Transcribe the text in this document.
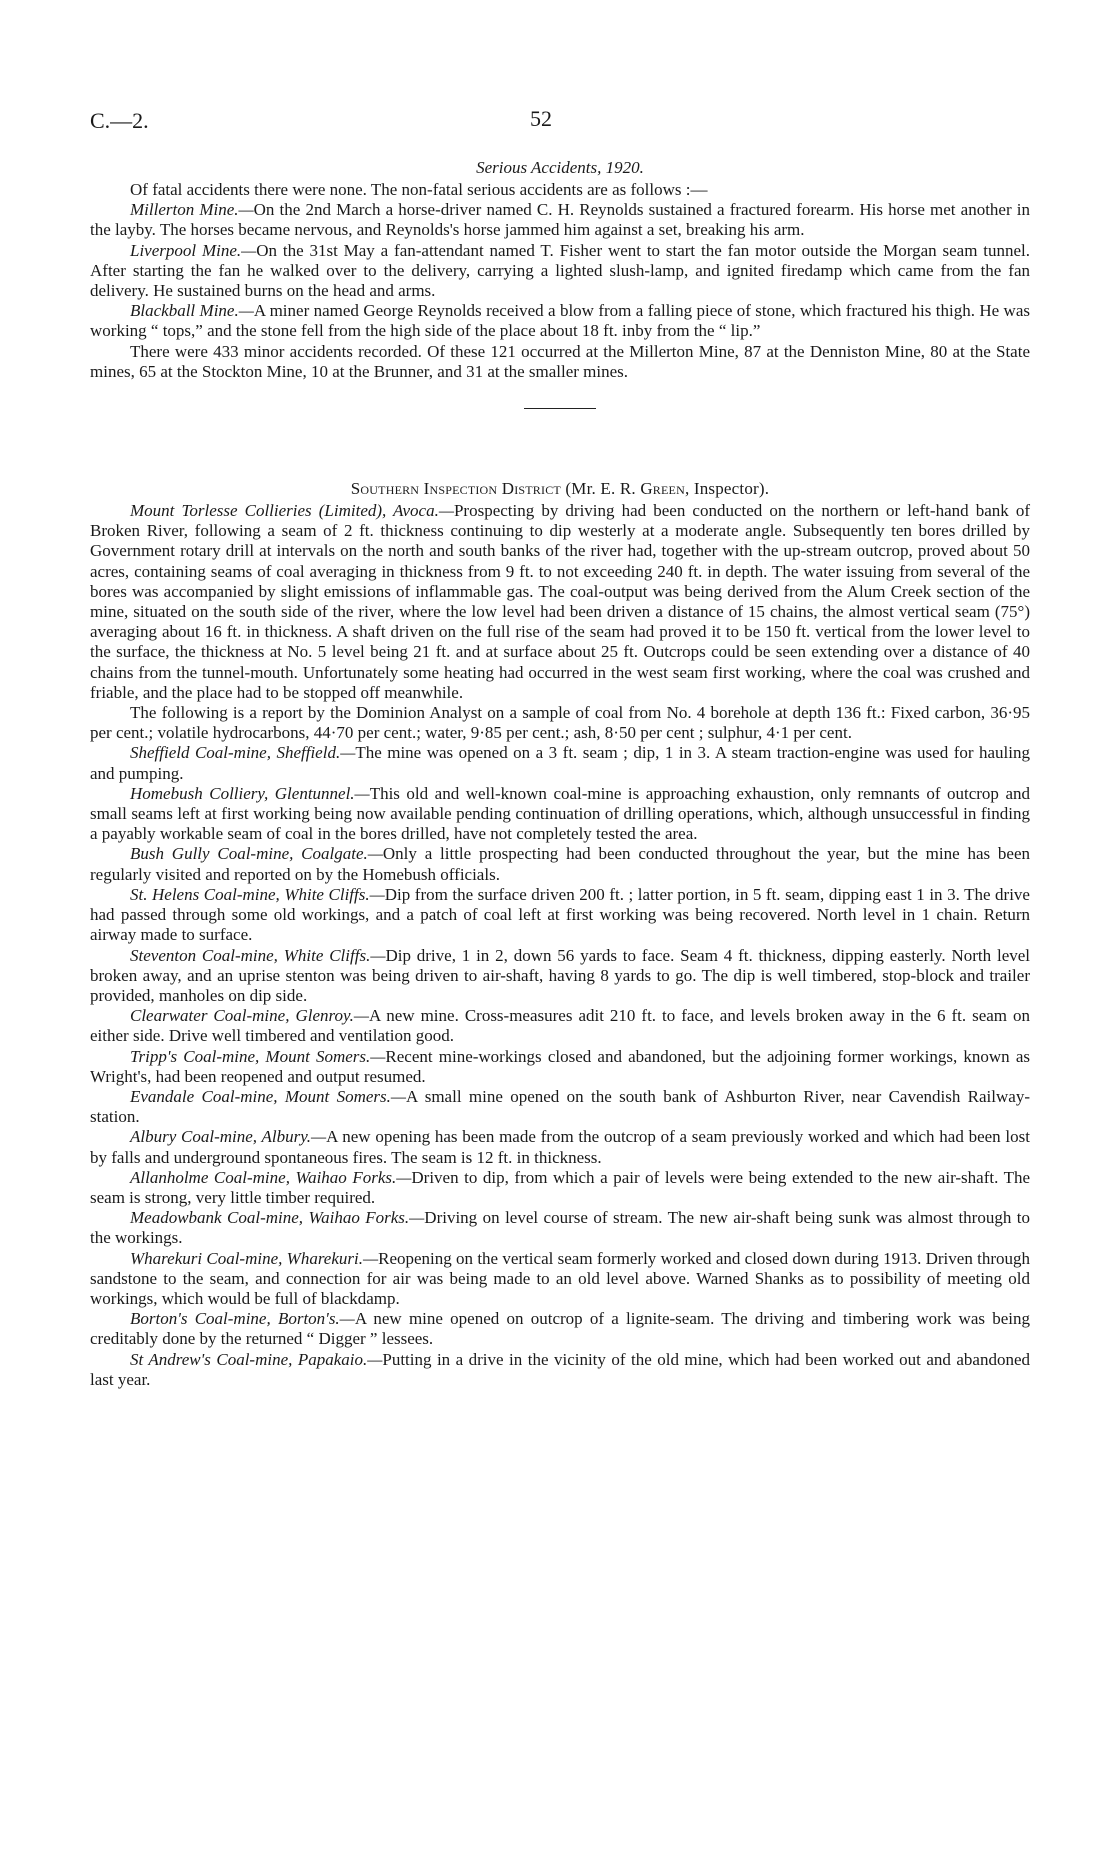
C.—2.	52
Serious Accidents, 1920.

Of fatal accidents there were none. The non-fatal serious accidents are as follows :—

Millerton Mine.—On the 2nd March a horse-driver named C. H. Reynolds sustained a fractured forearm. His horse met another in the layby. The horses became nervous, and Reynolds's horse jammed him against a set, breaking his arm.

Liverpool Mine.—On the 31st May a fan-attendant named T. Fisher went to start the fan motor outside the Morgan seam tunnel. After starting the fan he walked over to the delivery, carrying a lighted slush-lamp, and ignited firedamp which came from the fan delivery. He sustained burns on the head and arms.

Blackball Mine.—A miner named George Reynolds received a blow from a falling piece of stone, which fractured his thigh. He was working “ tops,” and the stone fell from the high side of the place about 18 ft. inby from the “ lip.”

There were 433 minor accidents recorded. Of these 121 occurred at the Millerton Mine, 87 at the Denniston Mine, 80 at the State mines, 65 at the Stockton Mine, 10 at the Brunner, and 31 at the smaller mines.

Southern Inspection District (Mr. E. R. Green, Inspector).

Mount Torlesse Collieries (Limited), Avoca.—Prospecting by driving had been conducted on the northern or left-hand bank of Broken River, following a seam of 2 ft. thickness continuing to dip westerly at a moderate angle. Subsequently ten bores drilled by Government rotary drill at intervals on the north and south banks of the river had, together with the up-stream outcrop, proved about 50 acres, containing seams of coal averaging in thickness from 9 ft. to not exceeding 240 ft. in depth. The water issuing from several of the bores was accompanied by slight emissions of inflammable gas. The coal-output was being derived from the Alum Creek section of the mine, situated on the south side of the river, where the low level had been driven a distance of 15 chains, the almost vertical seam (75°) averaging about 16 ft. in thickness. A shaft driven on the full rise of the seam had proved it to be 150 ft. vertical from the lower level to the surface, the thickness at No. 5 level being 21 ft. and at surface about 25 ft. Outcrops could be seen extending over a distance of 40 chains from the tunnel-mouth. Unfortunately some heating had occurred in the west seam first working, where the coal was crushed and friable, and the place had to be stopped off meanwhile.

The following is a report by the Dominion Analyst on a sample of coal from No. 4 borehole at depth 136 ft.: Fixed carbon, 36·95 per cent.; volatile hydrocarbons, 44·70 per cent.; water, 9·85 per cent.; ash, 8·50 per cent ; sulphur, 4·1 per cent.

Sheffield Coal-mine, Sheffield.—The mine was opened on a 3 ft. seam ; dip, 1 in 3. A steam traction-engine was used for hauling and pumping.

Homebush Colliery, Glentunnel.—This old and well-known coal-mine is approaching exhaustion, only remnants of outcrop and small seams left at first working being now available pending continuation of drilling operations, which, although unsuccessful in finding a payably workable seam of coal in the bores drilled, have not completely tested the area.

Bush Gully Coal-mine, Coalgate.—Only a little prospecting had been conducted throughout the year, but the mine has been regularly visited and reported on by the Homebush officials.

St. Helens Coal-mine, White Cliffs.—Dip from the surface driven 200 ft. ; latter portion, in 5 ft. seam, dipping east 1 in 3. The drive had passed through some old workings, and a patch of coal left at first working was being recovered. North level in 1 chain. Return airway made to surface.

Steventon Coal-mine, White Cliffs.—Dip drive, 1 in 2, down 56 yards to face. Seam 4 ft. thickness, dipping easterly. North level broken away, and an uprise stenton was being driven to air-shaft, having 8 yards to go. The dip is well timbered, stop-block and trailer provided, manholes on dip side.

Clearwater Coal-mine, Glenroy.—A new mine. Cross-measures adit 210 ft. to face, and levels broken away in the 6 ft. seam on either side. Drive well timbered and ventilation good.

Tripp's Coal-mine, Mount Somers.—Recent mine-workings closed and abandoned, but the adjoining former workings, known as Wright's, had been reopened and output resumed.

Evandale Coal-mine, Mount Somers.—A small mine opened on the south bank of Ashburton River, near Cavendish Railway-station.

Albury Coal-mine, Albury.—A new opening has been made from the outcrop of a seam previously worked and which had been lost by falls and underground spontaneous fires. The seam is 12 ft. in thickness.

Allanholme Coal-mine, Waihao Forks.—Driven to dip, from which a pair of levels were being extended to the new air-shaft. The seam is strong, very little timber required.

Meadowbank Coal-mine, Waihao Forks.—Driving on level course of stream. The new air-shaft being sunk was almost through to the workings.

Wharekuri Coal-mine, Wharekuri.—Reopening on the vertical seam formerly worked and closed down during 1913. Driven through sandstone to the seam, and connection for air was being made to an old level above. Warned Shanks as to possibility of meeting old workings, which would be full of blackdamp.

Borton's Coal-mine, Borton's.—A new mine opened on outcrop of a lignite-seam. The driving and timbering work was being creditably done by the returned “ Digger ” lessees.

St Andrew's Coal-mine, Papakaio.—Putting in a drive in the vicinity of the old mine, which had been worked out and abandoned last year.
